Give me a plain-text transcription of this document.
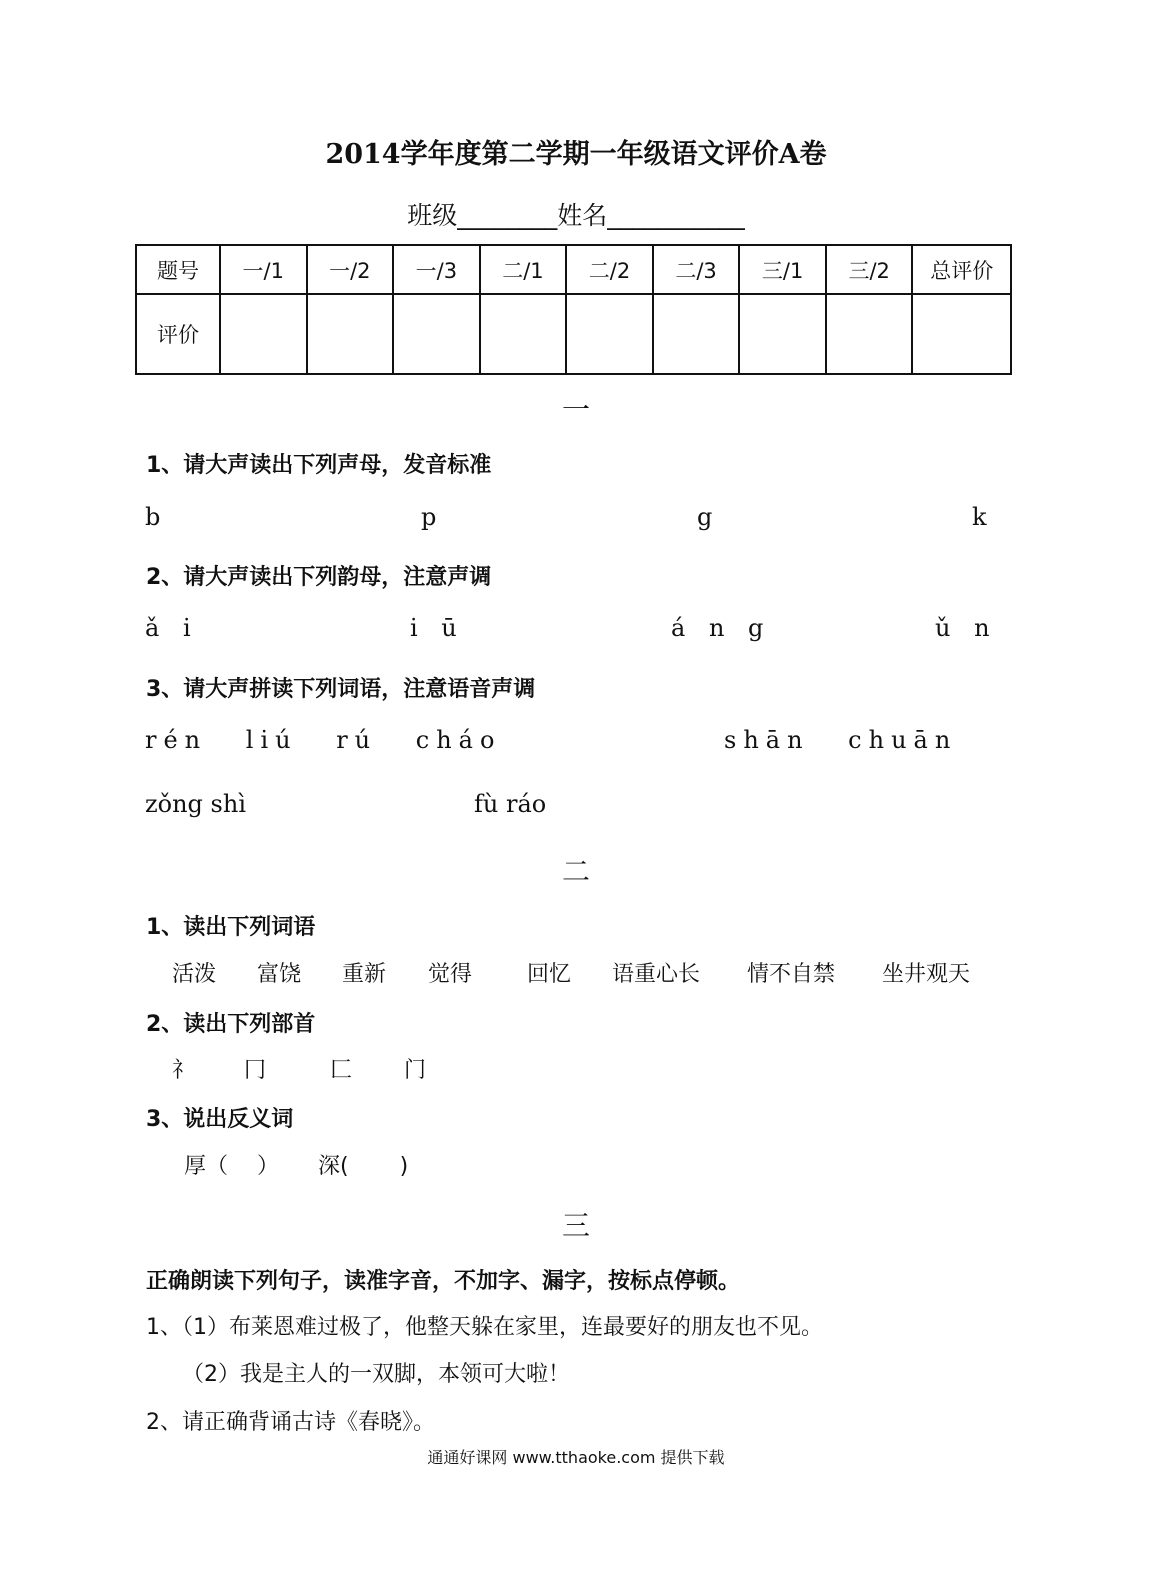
2014学年度第二学期一年级语文评价A卷
班级________姓名___________
题号	一/1	一/2	一/3	二/1	二/2	二/3	三/1	三/2	总评价
评价									
一
1、请大声读出下列声母，发音标准
b	p	g	k
2、请大声读出下列韵母，注意声调
ǎ i	i ū	á n g	ǔ n
3、请大声拼读下列词语，注意语音声调
rén liú rú cháo	shān chuān
zǒng shì	fù ráo
二
1、读出下列词语
活泼 富饶 重新 觉得 回忆 语重心长 情不自禁 坐井观天
2、读出下列部首
礻 冂	匚 门
3、说出反义词
厚（　 ） 深(　　 )
三
正确朗读下列句子，读准字音，不加字、漏字，按标点停顿。
1、（1）布莱恩难过极了，他整天躲在家里，连最要好的朋友也不见。
（2）我是主人的一双脚，本领可大啦！
2、请正确背诵古诗《春晓》。
通通好课网 www.tthaoke.com 提供下载
